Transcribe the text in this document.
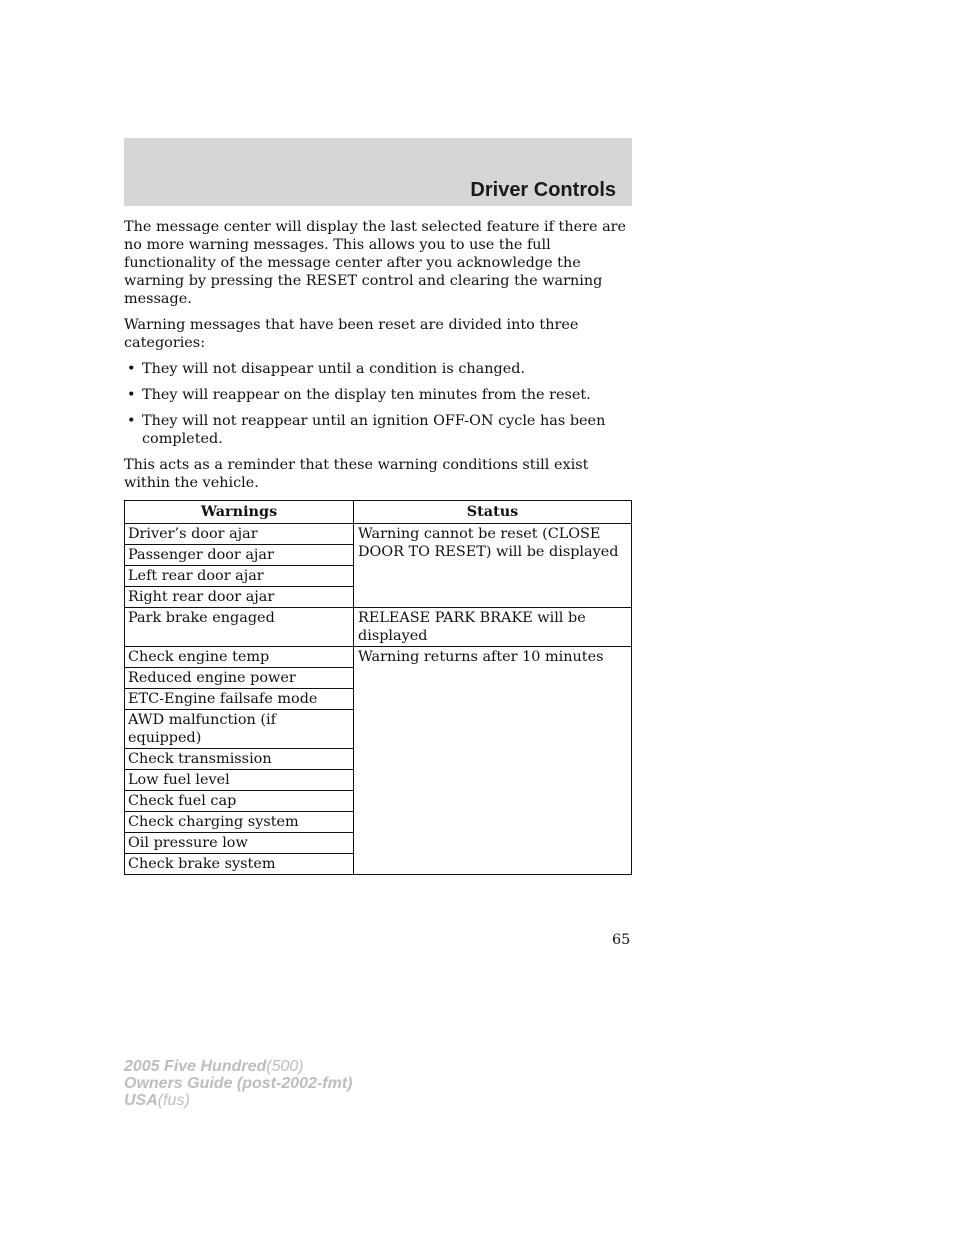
Driver Controls

The message center will display the last selected feature if there are no more warning messages. This allows you to use the full functionality of the message center after you acknowledge the warning by pressing the RESET control and clearing the warning message.

Warning messages that have been reset are divided into three categories:

• They will not disappear until a condition is changed.
• They will reappear on the display ten minutes from the reset.
• They will not reappear until an ignition OFF-ON cycle has been completed.

This acts as a reminder that these warning conditions still exist within the vehicle.

Warnings	Status
Driver’s door ajar	Warning cannot be reset (CLOSE DOOR TO RESET) will be displayed
Passenger door ajar	
Left rear door ajar	
Right rear door ajar	
Park brake engaged	RELEASE PARK BRAKE will be displayed
Check engine temp	Warning returns after 10 minutes
Reduced engine power	
ETC-Engine failsafe mode	
AWD malfunction (if equipped)	
Check transmission	
Low fuel level	
Check fuel cap	
Check charging system	
Oil pressure low	
Check brake system	
65
2005 Five Hundred(500)
Owners Guide (post-2002-fmt)
USA(fus)
